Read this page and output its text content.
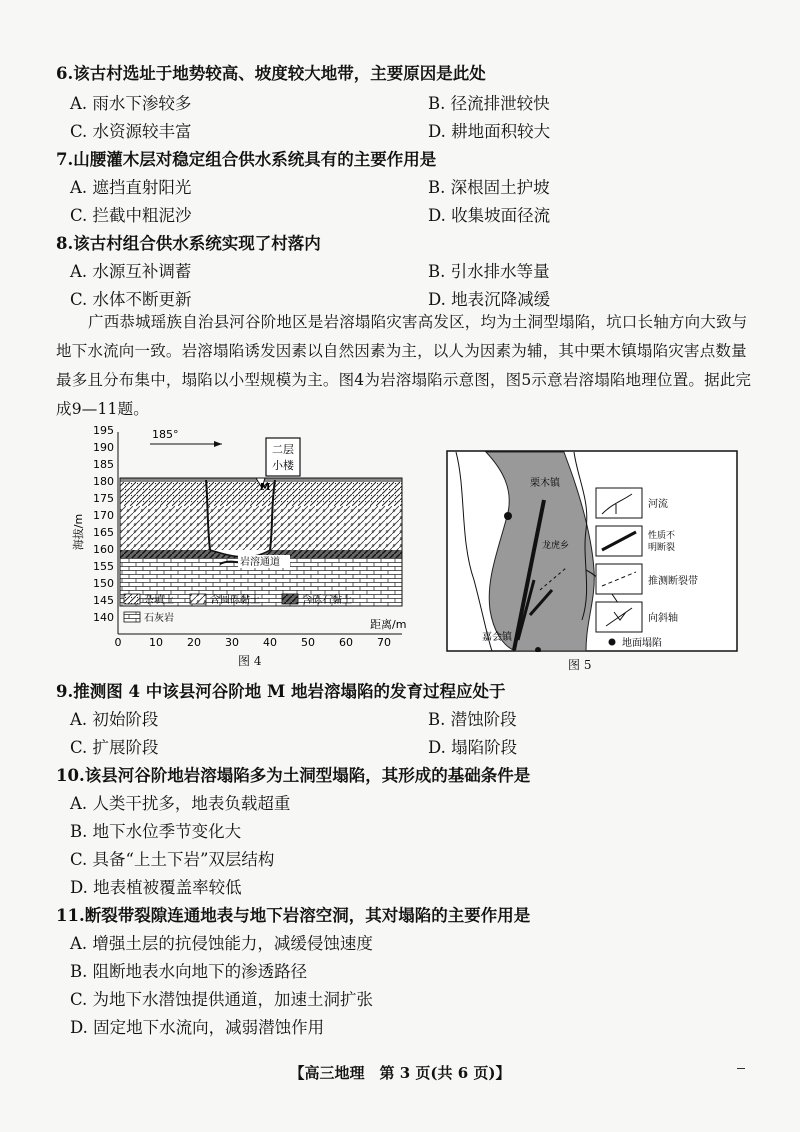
6.该古村选址于地势较高、坡度较大地带，主要原因是此处
A. 雨水下渗较多	B. 径流排泄较快
C. 水资源较丰富	D. 耕地面积较大
7.山腰灌木层对稳定组合供水系统具有的主要作用是
A. 遮挡直射阳光	B. 深根固土护坡
C. 拦截中粗泥沙	D. 收集坡面径流
8.该古村组合供水系统实现了村落内
A. 水源互补调蓄	B. 引水排水等量
C. 水体不断更新	D. 地表沉降减缓
广西恭城瑶族自治县河谷阶地区是岩溶塌陷灾害高发区，均为土洞型塌陷，坑口长轴方向大致与地下水流向一致。岩溶塌陷诱发因素以自然因素为主，以人为因素为辅，其中栗木镇塌陷灾害点数量最多且分布集中，塌陷以小型规模为主。图4为岩溶塌陷示意图，图5示意岩溶塌陷地理位置。据此完成9—11题。
195
190
185
180
175
170
165
160
155
150
145
140
海拔/m
185°
二层
小楼
M
岩溶通道
杂填土	含圆砾黏土	含砾石黏土
石灰岩
0	10 20 30 40 50 60 70
距离/m
图 4
栗木镇
龙虎乡
嘉会镇
河流
性质不
明断裂
推测断裂带
向斜轴
地面塌陷
图 5
9.推测图 4 中该县河谷阶地 M 地岩溶塌陷的发育过程应处于
A. 初始阶段	B. 潜蚀阶段
C. 扩展阶段	D. 塌陷阶段
10.该县河谷阶地岩溶塌陷多为土洞型塌陷，其形成的基础条件是
A. 人类干扰多，地表负载超重
B. 地下水位季节变化大
C. 具备“上土下岩”双层结构
D. 地表植被覆盖率较低
11.断裂带裂隙连通地表与地下岩溶空洞，其对塌陷的主要作用是
A. 增强土层的抗侵蚀能力，减缓侵蚀速度
B. 阻断地表水向地下的渗透路径
C. 为地下水潜蚀提供通道，加速土洞扩张
D. 固定地下水流向，减弱潜蚀作用
【高三地理　第 3 页(共 6 页)】
